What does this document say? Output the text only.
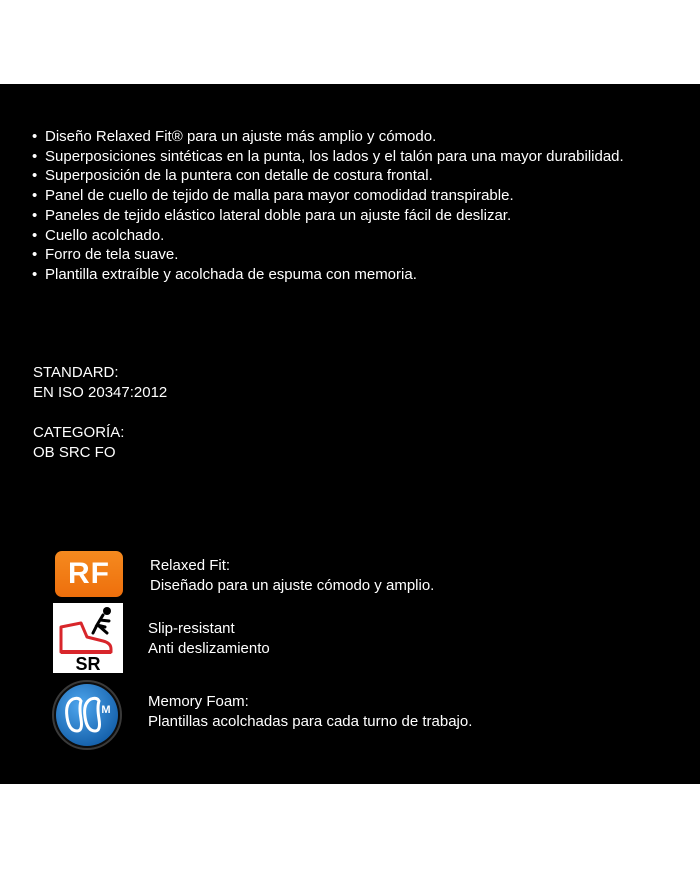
• Diseño Relaxed Fit® para un ajuste más amplio y cómodo.
• Superposiciones sintéticas en la punta, los lados y el talón para una mayor durabilidad.
• Superposición de la puntera con detalle de costura frontal.
• Panel de cuello de tejido de malla para mayor comodidad transpirable.
• Paneles de tejido elástico lateral doble para un ajuste fácil de deslizar.
• Cuello acolchado.
• Forro de tela suave.
• Plantilla extraíble y acolchada de espuma con memoria.
STANDARD:
EN ISO 20347:2012
CATEGORÍA:
OB SRC FO
RF	Relaxed Fit:
Diseñado para un ajuste cómodo y amplio.
SR
Slip-resistant
Anti deslizamiento
M Memory Foam:
Plantillas acolchadas para cada turno de trabajo.
